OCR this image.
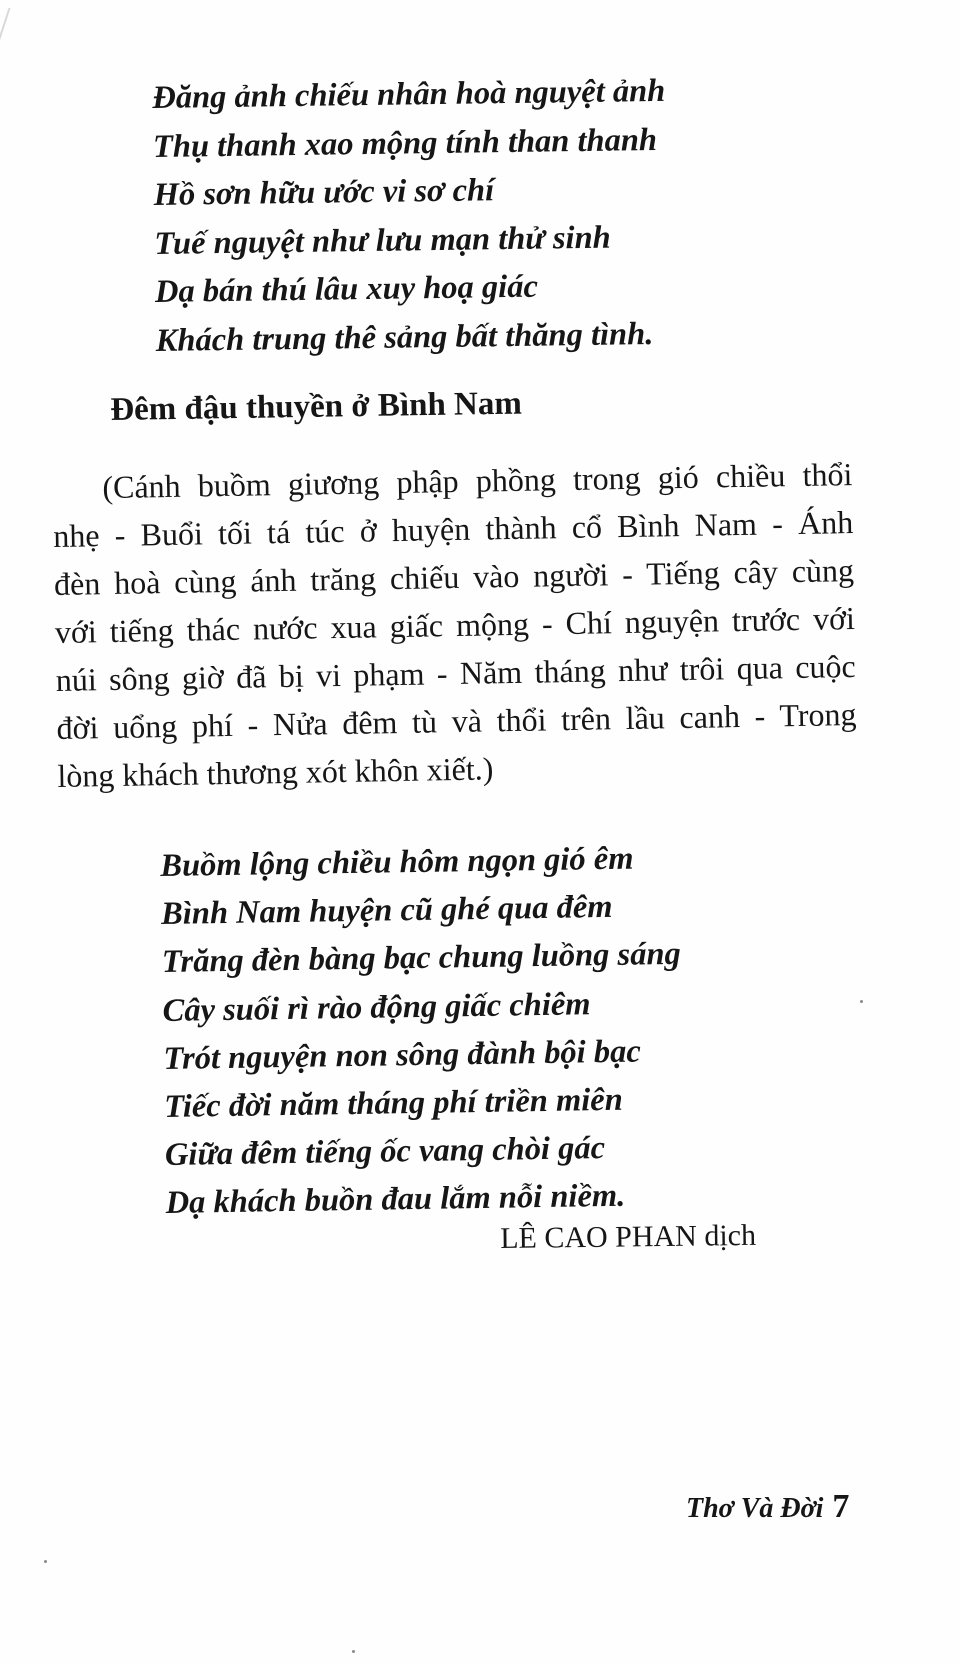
Đăng ảnh chiếu nhân hoà nguyệt ảnh
Thụ thanh xao mộng tính than thanh
Hồ sơn hữu ước vi sơ chí
Tuế nguyệt như lưu mạn thử sinh
Dạ bán thú lâu xuy hoạ giác
Khách trung thê sảng bất thăng tình.
Đêm đậu thuyền ở Bình Nam
(Cánh buồm giương phập phồng trong gió chiều thổi
nhẹ - Buổi tối tá túc ở huyện thành cổ Bình Nam - Ánh
đèn hoà cùng ánh trăng chiếu vào người - Tiếng cây cùng
với tiếng thác nước xua giấc mộng - Chí nguyện trước với
núi sông giờ đã bị vi phạm - Năm tháng như trôi qua cuộc
đời uổng phí - Nửa đêm tù và thổi trên lầu canh - Trong
lòng khách thương xót khôn xiết.)
Buồm lộng chiều hôm ngọn gió êm
Bình Nam huyện cũ ghé qua đêm
Trăng đèn bàng bạc chung luồng sáng
Cây suối rì rào động giấc chiêm
Trót nguyện non sông đành bội bạc
Tiếc đời năm tháng phí triền miên
Giữa đêm tiếng ốc vang chòi gác
Dạ khách buồn đau lắm nỗi niềm.
LÊ CAO PHAN dịch
Thơ Và Đời 7
